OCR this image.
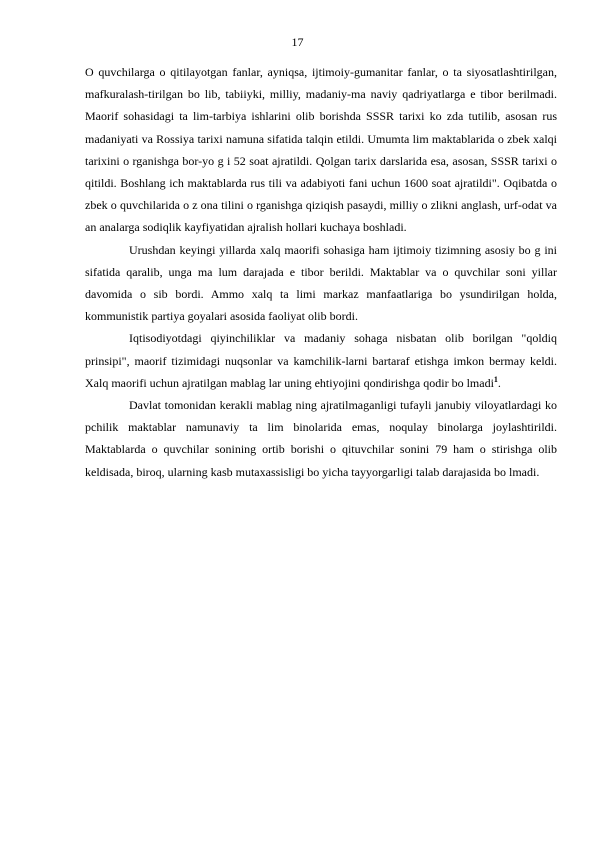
17

O quvchilarga o qitilayotgan fanlar, ayniqsa, ijtimoiy-gumanitar fanlar, o ta siyosatlashtirilgan, mafkuralash-tirilgan bo lib, tabiiyki, milliy, madaniy-ma naviy qadriyatlarga e tibor berilmadi. Maorif sohasidagi ta lim-tarbiya ishlarini olib borishda SSSR tarixi ko zda tutilib, asosan rus madaniyati va Rossiya tarixi namuna sifatida talqin etildi. Umumta lim maktablarida o zbek xalqi tarixini o rganishga bor-yo g i 52 soat ajratildi. Qolgan tarix darslarida esa, asosan, SSSR tarixi o qitildi. Boshlang ich maktablarda rus tili va adabiyoti fani uchun 1600 soat ajratildi". Oqibatda o zbek o quvchilarida o z ona tilini o rganishga qiziqish pasaydi, milliy o zlikni anglash, urf-odat va an analarga sodiqlik kayfiyatidan ajralish hollari kuchaya boshladi.

Urushdan keyingi yillarda xalq maorifi sohasiga ham ijtimoiy tizimning asosiy bo g ini sifatida qaralib, unga ma lum darajada e tibor berildi. Maktablar va o quvchilar soni yillar davomida o sib bordi. Ammo xalq ta limi markaz manfaatlariga bo ysundirilgan holda, kommunistik partiya goyalari asosida faoliyat olib bordi.

Iqtisodiyotdagi qiyinchiliklar va madaniy sohaga nisbatan olib borilgan "qoldiq prinsipi", maorif tizimidagi nuqsonlar va kamchilik-larni bartaraf etishga imkon bermay keldi. Xalq maorifi uchun ajratilgan mablag lar uning ehtiyojini qondirishga qodir bo lmadi$^1$.

Davlat tomonidan kerakli mablag ning ajratilmaganligi tufayli janubiy viloyatlardagi ko pchilik maktablar namunaviy ta lim binolarida emas, noqulay binolarga joylashtirildi. Maktablarda o quvchilar sonining ortib borishi o qituvchilar sonini 79 ham o stirishga olib keldisada, biroq, ularning kasb mutaxassisligi bo yicha tayyorgarligi talab darajasida bo lmadi.
